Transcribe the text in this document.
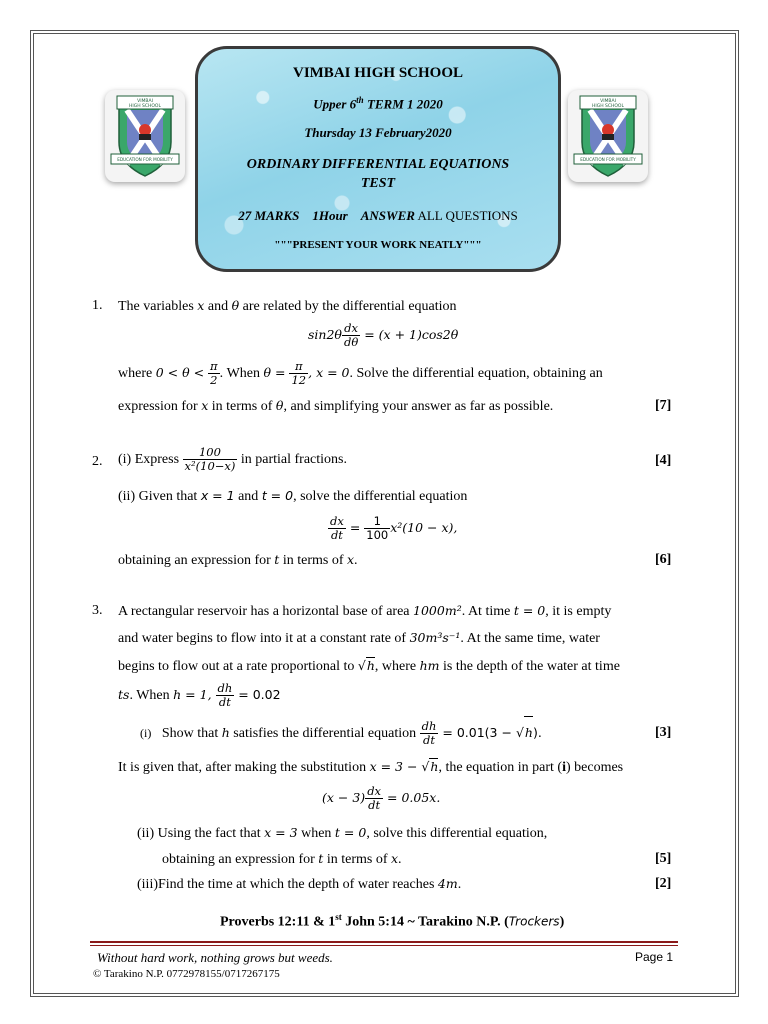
VIMBAI
HIGH SCHOOL
EDUCATION FOR MOBILITY
VIMBAI
HIGH SCHOOL
EDUCATION FOR MOBILITY
VIMBAI HIGH SCHOOL
Upper 6th TERM 1 2020
Thursday 13 February2020
ORDINARY DIFFERENTIAL EQUATIONS
TEST
27 MARKS 1Hour ANSWER ALL QUESTIONS
"""PRESENT YOUR WORK NEATLY"""
1. The variables x and θ are related by the differential equation
$\sin 2\theta \frac{dx}{d\theta} = (x + 1)\cos 2\theta$
where $0 < \theta < \frac{\pi}{2}$ . When $\theta = \frac{\pi}{12}$ , x = 0. Solve the differential equation, obtaining an
expression for x in terms of θ, and simplifying your answer as far as possible.	[7]
2. (i) Express $\frac{100}{\text{x²(10−x)}}$ in partial fractions.	[4]
(ii) Given that x = 1 and t = 0, solve the differential equation
$\frac{dx}{dt} = \frac{1}{100} x^2(10 - x)$,
obtaining an expression for t in terms of x.	[6]
3. A rectangular reservoir has a horizontal base of area 1000m². At time t = 0, it is empty
and water begins to flow into it at a constant rate of 30m³s⁻¹. At the same time, water
begins to flow out at a rate proportional to √h, where hm is the depth of the water at time
ts. When h = 1, $\frac{dh}{dt} = 0.02$
(i) Show that h satisfies the differential equation $\frac{dh}{dt} = 0.01(3 - √h)$.	[3]
It is given that, after making the substitution x = 3 − √h, the equation in part (i) becomes
$(x - 3) \frac{dx}{dt} = 0.05x$.
(ii) Using the fact that x = 3 when t = 0, solve this differential equation,
obtaining an expression for t in terms of x.	[5]
(iii)Find the time at which the depth of water reaches 4m.	[2]
Proverbs 12:11 & 1st John 5:14 ~ Tarakino N.P. (Trockers)
Without hard work, nothing grows but weeds.	Page 1
© Tarakino N.P. 0772978155/0717267175
